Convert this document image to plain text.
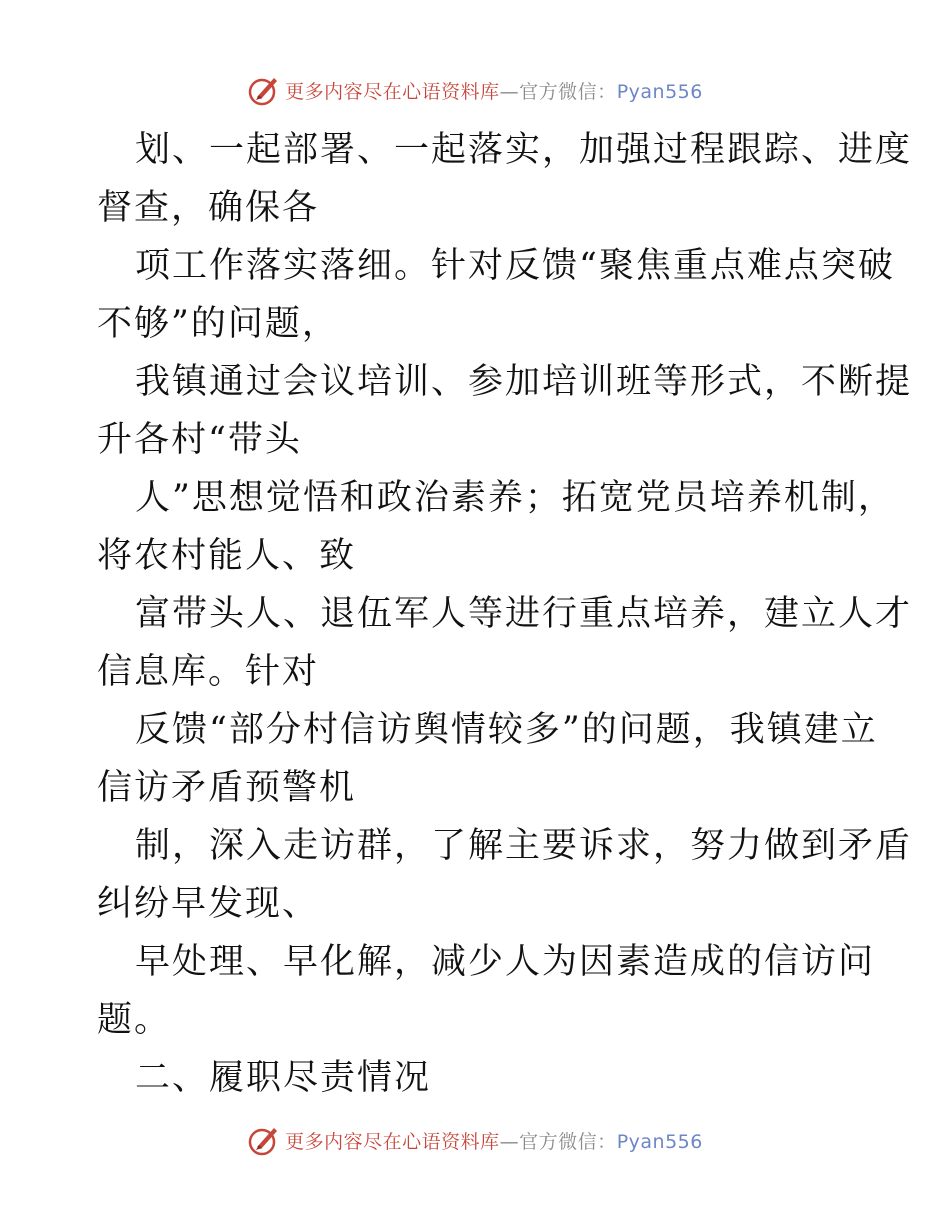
更多内容尽在心语资料库—官方微信：Pyan556
划、一起部署、一起落实，加强过程跟踪、进度
督查，确保各
项工作落实落细。针对反馈“聚焦重点难点突破
不够”的问题，
我镇通过会议培训、参加培训班等形式，不断提
升各村“带头
人”思想觉悟和政治素养；拓宽党员培养机制，
将农村能人、致
富带头人、退伍军人等进行重点培养，建立人才
信息库。针对
反馈“部分村信访舆情较多”的问题，我镇建立
信访矛盾预警机
制，深入走访群，了解主要诉求，努力做到矛盾
纠纷早发现、
早处理、早化解，减少人为因素造成的信访问
题。
二、履职尽责情况
更多内容尽在心语资料库—官方微信：Pyan556
